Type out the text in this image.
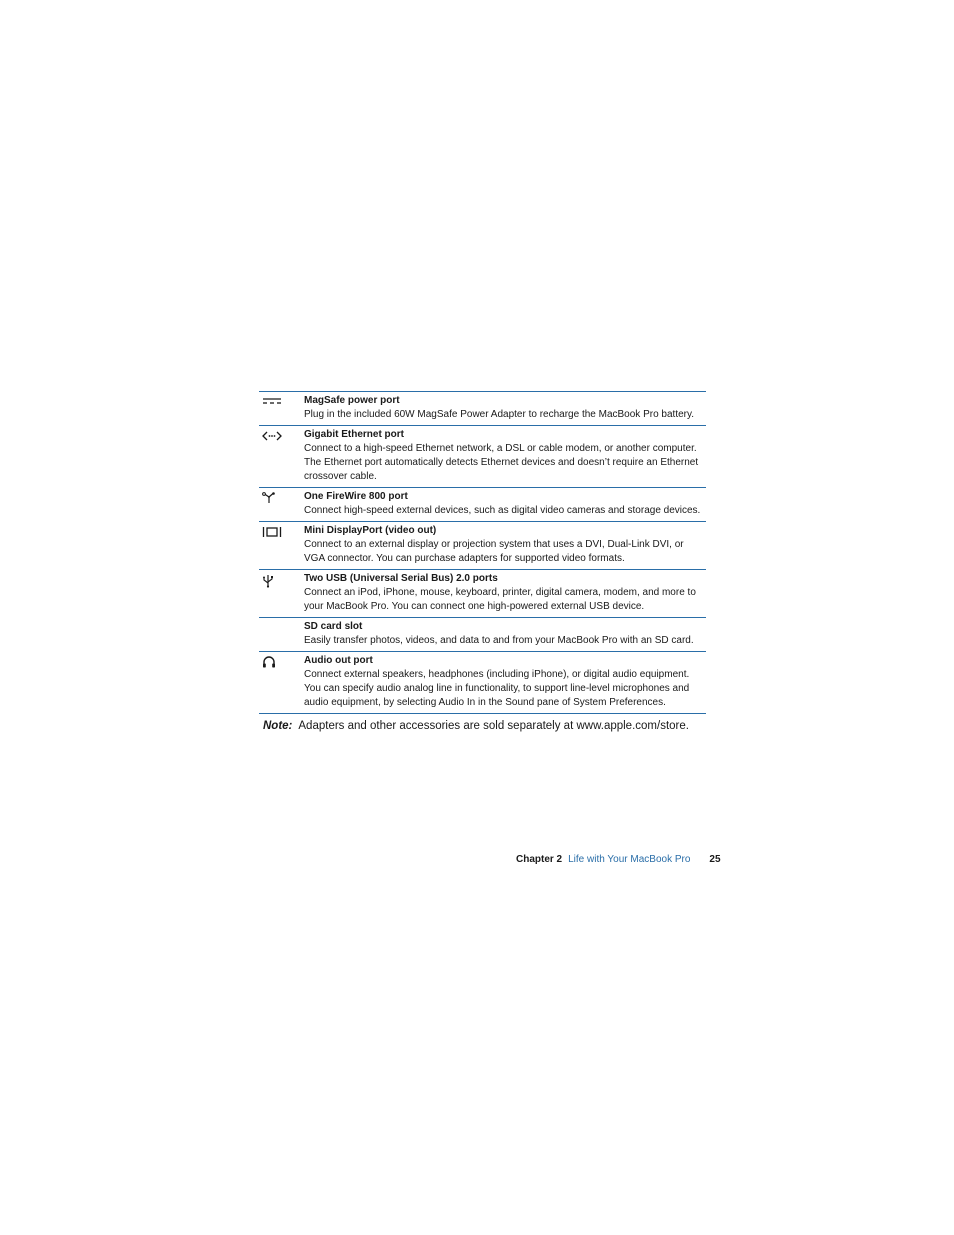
MagSafe power port
Plug in the included 60W MagSafe Power Adapter to recharge the MacBook Pro battery.
Gigabit Ethernet port
Connect to a high-speed Ethernet network, a DSL or cable modem, or another computer. The Ethernet port automatically detects Ethernet devices and doesn’t require an Ethernet crossover cable.
One FireWire 800 port
Connect high-speed external devices, such as digital video cameras and storage devices.
Mini DisplayPort (video out)
Connect to an external display or projection system that uses a DVI, Dual-Link DVI, or VGA connector. You can purchase adapters for supported video formats.
Two USB (Universal Serial Bus) 2.0 ports
Connect an iPod, iPhone, mouse, keyboard, printer, digital camera, modem, and more to your MacBook Pro. You can connect one high-powered external USB device.
SD card slot
Easily transfer photos, videos, and data to and from your MacBook Pro with an SD card.
Audio out port
Connect external speakers, headphones (including iPhone), or digital audio equipment. You can specify audio analog line in functionality, to support line-level microphones and audio equipment, by selecting Audio In in the Sound pane of System Preferences.
Note: Adapters and other accessories are sold separately at www.apple.com/store.
Chapter 2 Life with Your MacBook Pro 25
